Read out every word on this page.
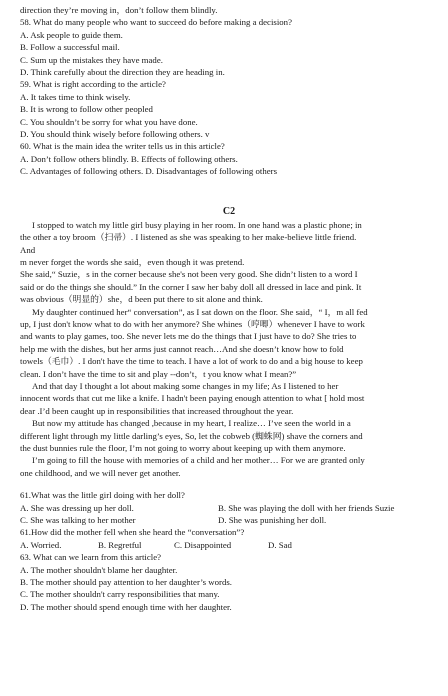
direction they’re moving in，don’t follow them blindly.
58. What do many people who want to succeed do before making a decision?
A. Ask people to guide them.
B. Follow a successful mail.
C. Sum up the mistakes they have made.
D. Think carefully about the direction they are heading in.
59. What is right according to the article?
A. It takes time to think wisely.
B. It is wrong to follow other peopled
C. You shouldn’t be sorry for what you have done.
D. You should think wisely before following others. v
60. What is the main idea the writer tells us in this article?
A. Don’t follow others blindly. B. Effects of following others.
C. Advantages of following others. D. Disadvantages of following others
C2
I stopped to watch my little girl busy playing in her room. In one hand was a plastic phone; in
the other a toy broom（扫帚）. I listened as she was speaking to her make-believe little friend.
And
m never forget the words she said，even though it was pretend.
She said,“ Suzie，s in the corner because she's not been very good. She didn’t listen to a word I
said or do the things she should.” In the corner I saw her baby doll all dressed in lace and pink. It
was obvious（明显的）she，d been put there to sit alone and think.
My daughter continued her“ conversation”, as I sat down on the floor. She said，“ I，m all fed
up, I just don't know what to do with her anymore? She whines（哼唧）whenever I have to work
and wants to play games, too. She never lets me do the things that I just have to do? She tries to
help me with the dishes, but her arms just cannot reach…And she doesn’t know how to fold
towels（毛巾）. I don't have the time to teach. I have a lot of work to do and a big house to keep
clean. I don’t have the time to sit and play --don’t，t you know what I mean?”
And that day I thought a lot about making some changes in my life; As I listened to her
innocent words that cut me like a knife. I hadn't been paying enough attention to what [ hold most
dear .I’d been caught up in responsibilities that increased throughout the year.
But now my attitude has changed ,because in my heart, I realize… I’ve seen the world in a
different light through my little darling’s eyes, So, let the cobweb (蜘蛛网) shave the corners and
the dust bunnies rule the floor, I’m not going to worry about keeping up with them anymore.
I’m going to fill the house with memories of a child and her mother… For we are granted only
one childhood, and we will never get another.
61.What was the little girl doing with her doll?
A. She was dressing up her doll.	B. She was playing the doll with her friends Suzie
C. She was talking to her mother	D. She was punishing her doll.
61.How did the mother fell when she heard the “conversation”?
A. Worried.	B. Regretful	C. Disappointed	D. Sad
63. What can we learn from this article?
A. The mother shouldn't blame her daughter.
B. The mother should pay attention to her daughter’s words.
C. The mother shouldn't carry responsibilities that many.
D. The mother should spend enough time with her daughter.
